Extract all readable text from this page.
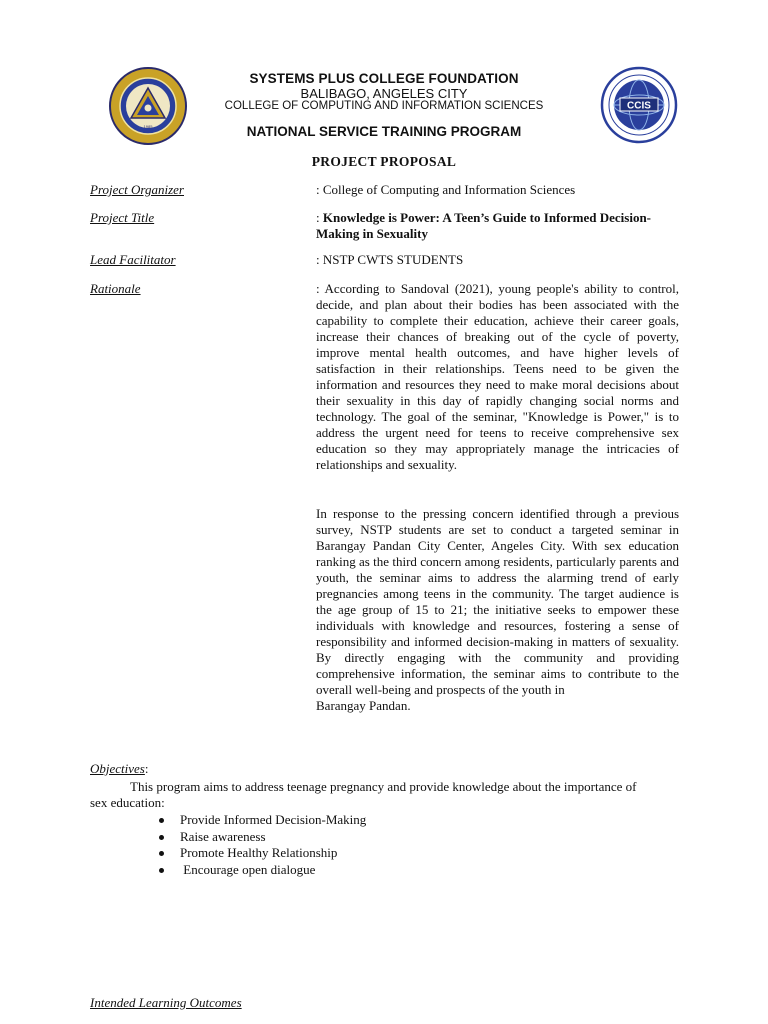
1985
CCIS
SYSTEMS PLUS COLLEGE FOUNDATION
BALIBAGO, ANGELES CITY
COLLEGE OF COMPUTING AND INFORMATION SCIENCES
NATIONAL SERVICE TRAINING PROGRAM
PROJECT PROPOSAL
Project Organizer	: College of Computing and Information Sciences
Project Title	: Knowledge is Power: A Teen’s Guide to Informed Decision-Making in Sexuality
Lead Facilitator	: NSTP CWTS STUDENTS
Rationale	: According to Sandoval (2021), young people's ability to control, decide, and plan about their bodies has been associated with the capability to complete their education, achieve their career goals, increase their chances of breaking out of the cycle of poverty, improve mental health outcomes, and have higher levels of satisfaction in their relationships. Teens need to be given the information and resources they need to make moral decisions about their sexuality in this day of rapidly changing social norms and technology. The goal of the seminar, "Knowledge is Power," is to address the urgent need for teens to receive comprehensive sex education so they may appropriately manage the intricacies of relationships and sexuality.
In response to the pressing concern identified through a previous survey, NSTP students are set to conduct a targeted seminar in Barangay Pandan City Center, Angeles City. With sex education ranking as the third concern among residents, particularly parents and youth, the seminar aims to address the alarming trend of early pregnancies among teens in the community. The target audience is the age group of 15 to 21; the initiative seeks to empower these individuals with knowledge and resources, fostering a sense of responsibility and informed decision-making in matters of sexuality. By directly engaging with the community and providing comprehensive information, the seminar aims to contribute to the overall well-being and prospects of the youth in
Barangay Pandan.
Objectives:
This program aims to address teenage pregnancy and provide knowledge about the importance of sex education:
Provide Informed Decision-Making
Raise awareness
Promote Healthy Relationship
Encourage open dialogue
Intended Learning Outcomes
